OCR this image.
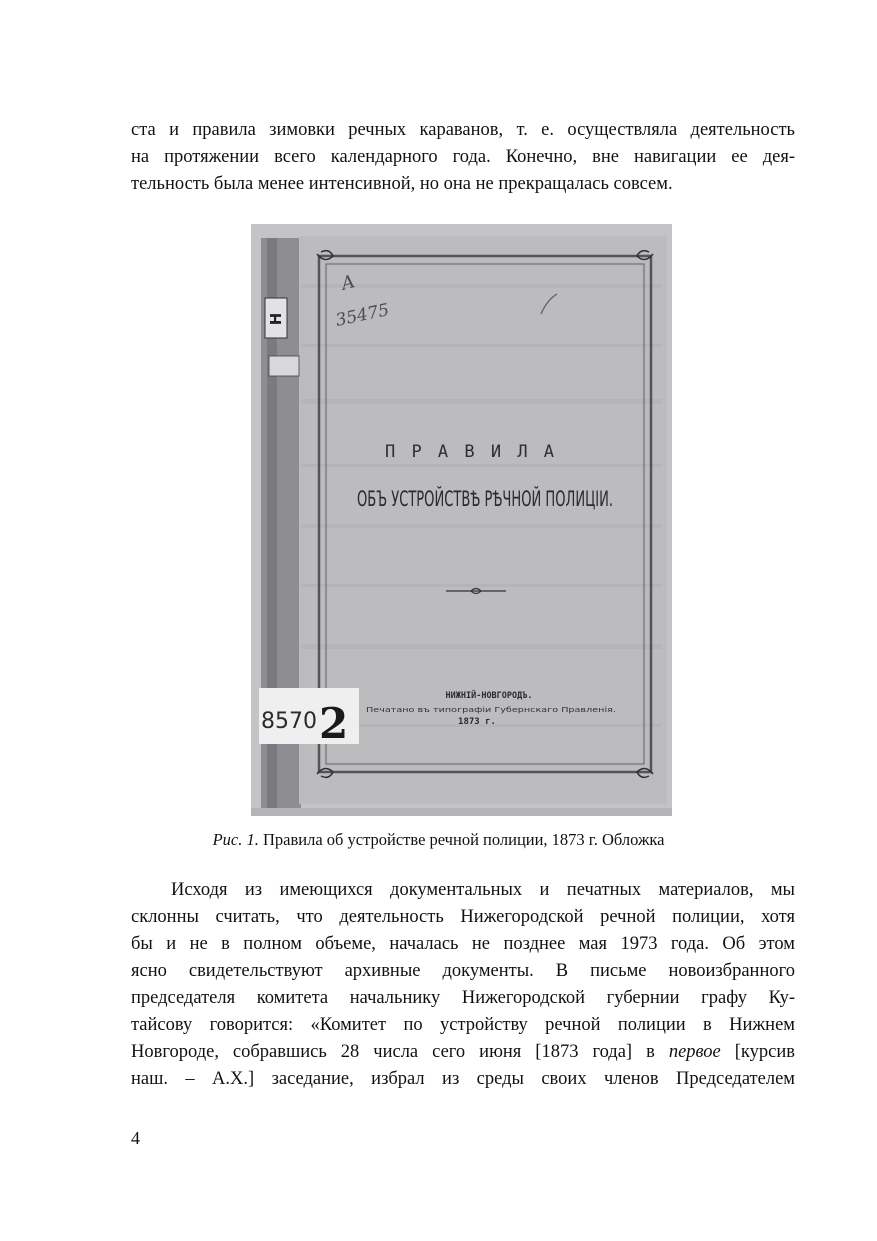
ста и правила зимовки речных караванов, т. е. осуществляла деятельность
на протяжении всего календарного года. Конечно, вне навигации ее дея-
тельность была менее интенсивной, но она не прекращалась совсем.

Н
А
35475
П Р А В И Л А
ОБЪ УСТРОЙСТВѢ РѢЧНОЙ ПОЛИЦІИ.
НИЖНІЙ-НОВГОРОДЪ.
Печатано въ типографіи Губернскаго Правленія.
1873 г.
8570 2

Рис. 1. Правила об устройстве речной полиции, 1873 г. Обложка

Исходя из имеющихся документальных и печатных материалов, мы
склонны считать, что деятельность Нижегородской речной полиции, хотя
бы и не в полном объеме, началась не позднее мая 1973 года. Об этом
ясно свидетельствуют архивные документы. В письме новоизбранного
председателя комитета начальнику Нижегородской губернии графу Ку-
тайсову говорится: «Комитет по устройству речной полиции в Нижнем
Новгороде, собравшись 28 числа сего июня [1873 года] в первое [курсив
наш. – А.Х.] заседание, избрал из среды своих членов Председателем

4
